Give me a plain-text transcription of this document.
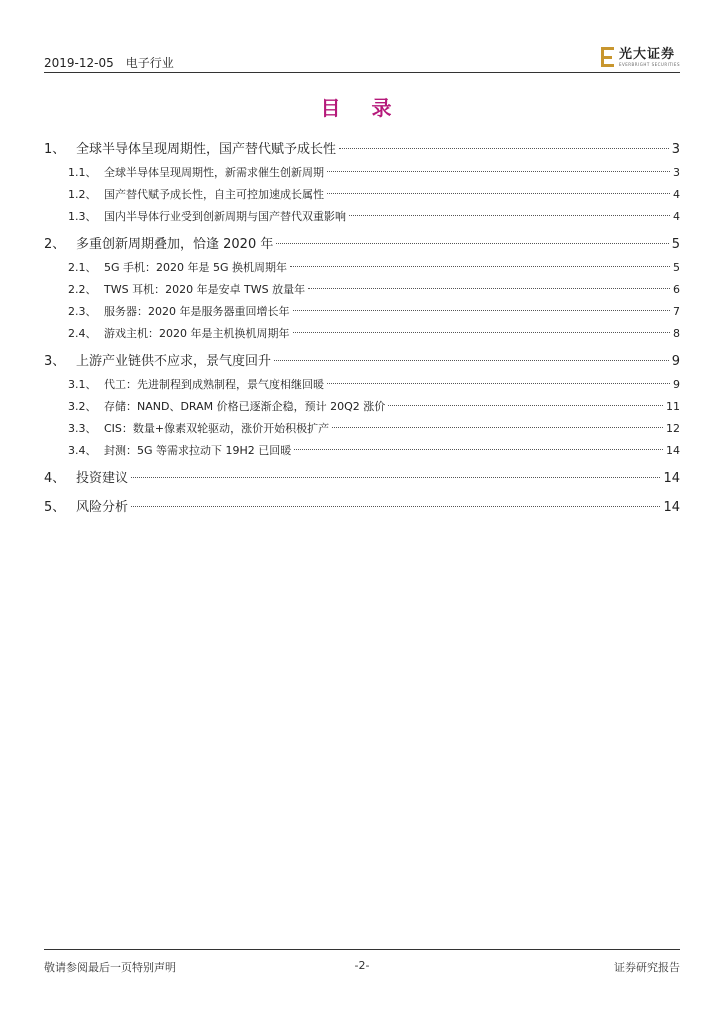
2019-12-05 电子行业
光大证券
EVERBRIGHT SECURITIES
目 录
1、 全球半导体呈现周期性，国产替代赋予成长性	3
1.1、 全球半导体呈现周期性，新需求催生创新周期	3
1.2、 国产替代赋予成长性，自主可控加速成长属性	4
1.3、 国内半导体行业受到创新周期与国产替代双重影响	4
2、 多重创新周期叠加，恰逢 2020 年	5
2.1、 5G 手机：2020 年是 5G 换机周期年	5
2.2、 TWS 耳机：2020 年是安卓 TWS 放量年	6
2.3、 服务器：2020 年是服务器重回增长年	7
2.4、 游戏主机：2020 年是主机换机周期年	8
3、 上游产业链供不应求，景气度回升	9
3.1、 代工：先进制程到成熟制程，景气度相继回暖	9
3.2、 存储：NAND、DRAM 价格已逐渐企稳，预计 20Q2 涨价	11
3.3、 CIS：数量+像素双轮驱动，涨价开始积极扩产	12
3.4、 封测：5G 等需求拉动下 19H2 已回暖	14
4、 投资建议	14
5、 风险分析	14
敬请参阅最后一页特别声明	-2-	证券研究报告
